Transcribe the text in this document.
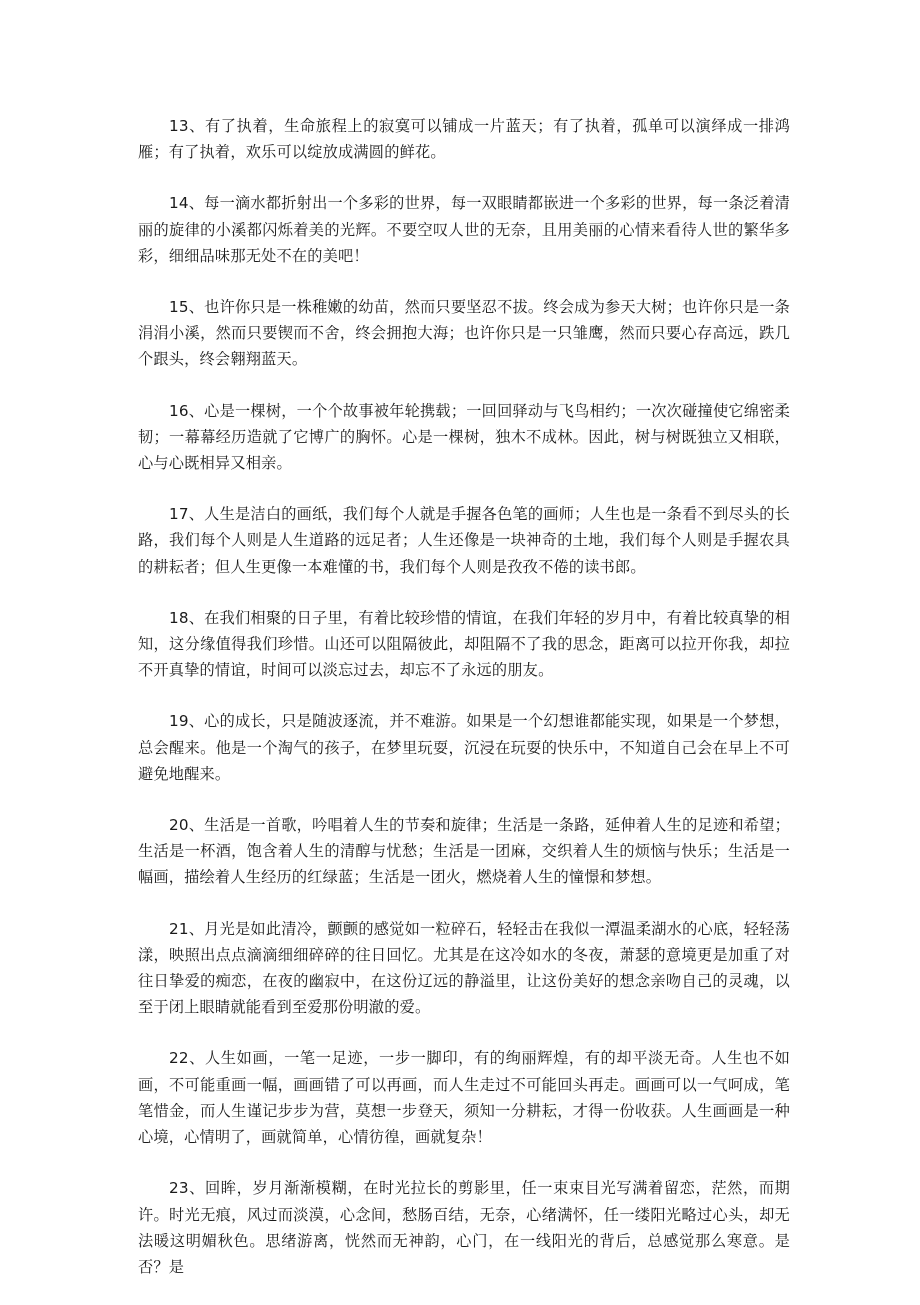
13、有了执着，生命旅程上的寂寞可以铺成一片蓝天；有了执着，孤单可以演绎成一排鸿雁；有了执着，欢乐可以绽放成满圆的鲜花。

14、每一滴水都折射出一个多彩的世界，每一双眼睛都嵌进一个多彩的世界，每一条泛着清丽的旋律的小溪都闪烁着美的光辉。不要空叹人世的无奈，且用美丽的心情来看待人世的繁华多彩，细细品味那无处不在的美吧！

15、也许你只是一株稚嫩的幼苗，然而只要坚忍不拔。终会成为参天大树；也许你只是一条涓涓小溪，然而只要锲而不舍，终会拥抱大海；也许你只是一只雏鹰，然而只要心存高远，跌几个跟头，终会翱翔蓝天。

16、心是一棵树，一个个故事被年轮携载；一回回驿动与飞鸟相约；一次次碰撞使它绵密柔韧；一幕幕经历造就了它博广的胸怀。心是一棵树，独木不成林。因此，树与树既独立又相联，心与心既相异又相亲。

17、人生是洁白的画纸，我们每个人就是手握各色笔的画师；人生也是一条看不到尽头的长路，我们每个人则是人生道路的远足者；人生还像是一块神奇的土地，我们每个人则是手握农具的耕耘者；但人生更像一本难懂的书，我们每个人则是孜孜不倦的读书郎。

18、在我们相聚的日子里，有着比较珍惜的情谊，在我们年轻的岁月中，有着比较真挚的相知，这分缘值得我们珍惜。山还可以阻隔彼此，却阻隔不了我的思念，距离可以拉开你我，却拉不开真挚的情谊，时间可以淡忘过去，却忘不了永远的朋友。

19、心的成长，只是随波逐流，并不难游。如果是一个幻想谁都能实现，如果是一个梦想，总会醒来。他是一个淘气的孩子，在梦里玩耍，沉浸在玩耍的快乐中，不知道自己会在早上不可避免地醒来。

20、生活是一首歌，吟唱着人生的节奏和旋律；生活是一条路，延伸着人生的足迹和希望；生活是一杯酒，饱含着人生的清醇与忧愁；生活是一团麻，交织着人生的烦恼与快乐；生活是一幅画，描绘着人生经历的红绿蓝；生活是一团火，燃烧着人生的憧憬和梦想。

21、月光是如此清冷，颤颤的感觉如一粒碎石，轻轻击在我似一潭温柔湖水的心底，轻轻荡漾，映照出点点滴滴细细碎碎的往日回忆。尤其是在这冷如水的冬夜，萧瑟的意境更是加重了对往日挚爱的痴恋，在夜的幽寂中，在这份辽远的静溢里，让这份美好的想念亲吻自己的灵魂，以至于闭上眼睛就能看到至爱那份明澈的爱。

22、人生如画，一笔一足迹，一步一脚印，有的绚丽辉煌，有的却平淡无奇。人生也不如画，不可能重画一幅，画画错了可以再画，而人生走过不可能回头再走。画画可以一气呵成，笔笔惜金，而人生谨记步步为营，莫想一步登天，须知一分耕耘，才得一份收获。人生画画是一种心境，心情明了，画就简单，心情彷徨，画就复杂！

23、回眸，岁月渐渐模糊，在时光拉长的剪影里，任一束束目光写满着留恋，茫然，而期许。时光无痕，风过而淡漠，心念间，愁肠百结，无奈，心绪满怀，任一缕阳光略过心头，却无法暖这明媚秋色。思绪游离，恍然而无神韵，心门，在一线阳光的背后，总感觉那么寒意。是否？是
